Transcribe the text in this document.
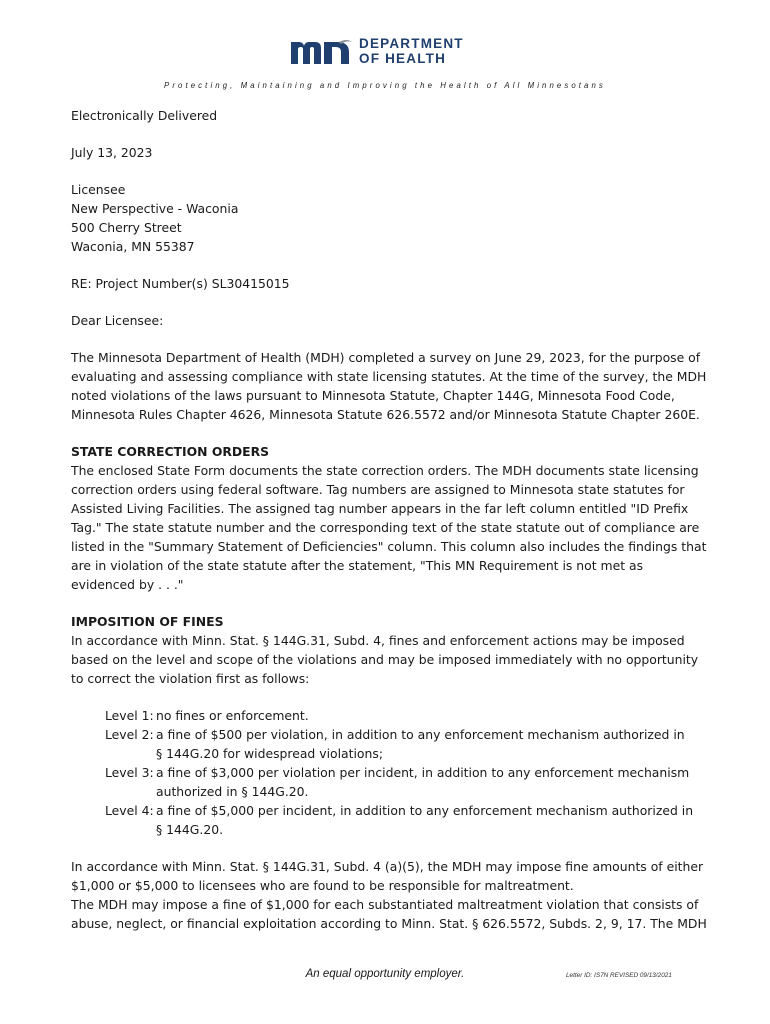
DEPARTMENT
OF HEALTH
Protecting, Maintaining and Improving the Health of All Minnesotans

Electronically Delivered

July 13, 2023

Licensee
New Perspective - Waconia
500 Cherry Street
Waconia, MN 55387

RE: Project Number(s) SL30415015

Dear Licensee:

The Minnesota Department of Health (MDH) completed a survey on June 29, 2023, for the purpose of
evaluating and assessing compliance with state licensing statutes. At the time of the survey, the MDH
noted violations of the laws pursuant to Minnesota Statute, Chapter 144G, Minnesota Food Code,
Minnesota Rules Chapter 4626, Minnesota Statute 626.5572 and/or Minnesota Statute Chapter 260E.
STATE CORRECTION ORDERS
The enclosed State Form documents the state correction orders. The MDH documents state licensing
correction orders using federal software. Tag numbers are assigned to Minnesota state statutes for
Assisted Living Facilities. The assigned tag number appears in the far left column entitled "ID Prefix
Tag." The state statute number and the corresponding text of the state statute out of compliance are
listed in the "Summary Statement of Deficiencies" column. This column also includes the findings that
are in violation of the state statute after the statement, "This MN Requirement is not met as
evidenced by . . ."
IMPOSITION OF FINES
In accordance with Minn. Stat. § 144G.31, Subd. 4, fines and enforcement actions may be imposed
based on the level and scope of the violations and may be imposed immediately with no opportunity
to correct the violation first as follows:
Level 1: no fines or enforcement.
Level 2: a fine of $500 per violation, in addition to any enforcement mechanism authorized in
§ 144G.20 for widespread violations;
Level 3: a fine of $3,000 per violation per incident, in addition to any enforcement mechanism
authorized in § 144G.20.
Level 4: a fine of $5,000 per incident, in addition to any enforcement mechanism authorized in
§ 144G.20.
In accordance with Minn. Stat. § 144G.31, Subd. 4 (a)(5), the MDH may impose fine amounts of either
$1,000 or $5,000 to licensees who are found to be responsible for maltreatment.
The MDH may impose a fine of $1,000 for each substantiated maltreatment violation that consists of
abuse, neglect, or financial exploitation according to Minn. Stat. § 626.5572, Subds. 2, 9, 17. The MDH
An equal opportunity employer.	Letter ID: IS7N REVISED 09/13/2021
